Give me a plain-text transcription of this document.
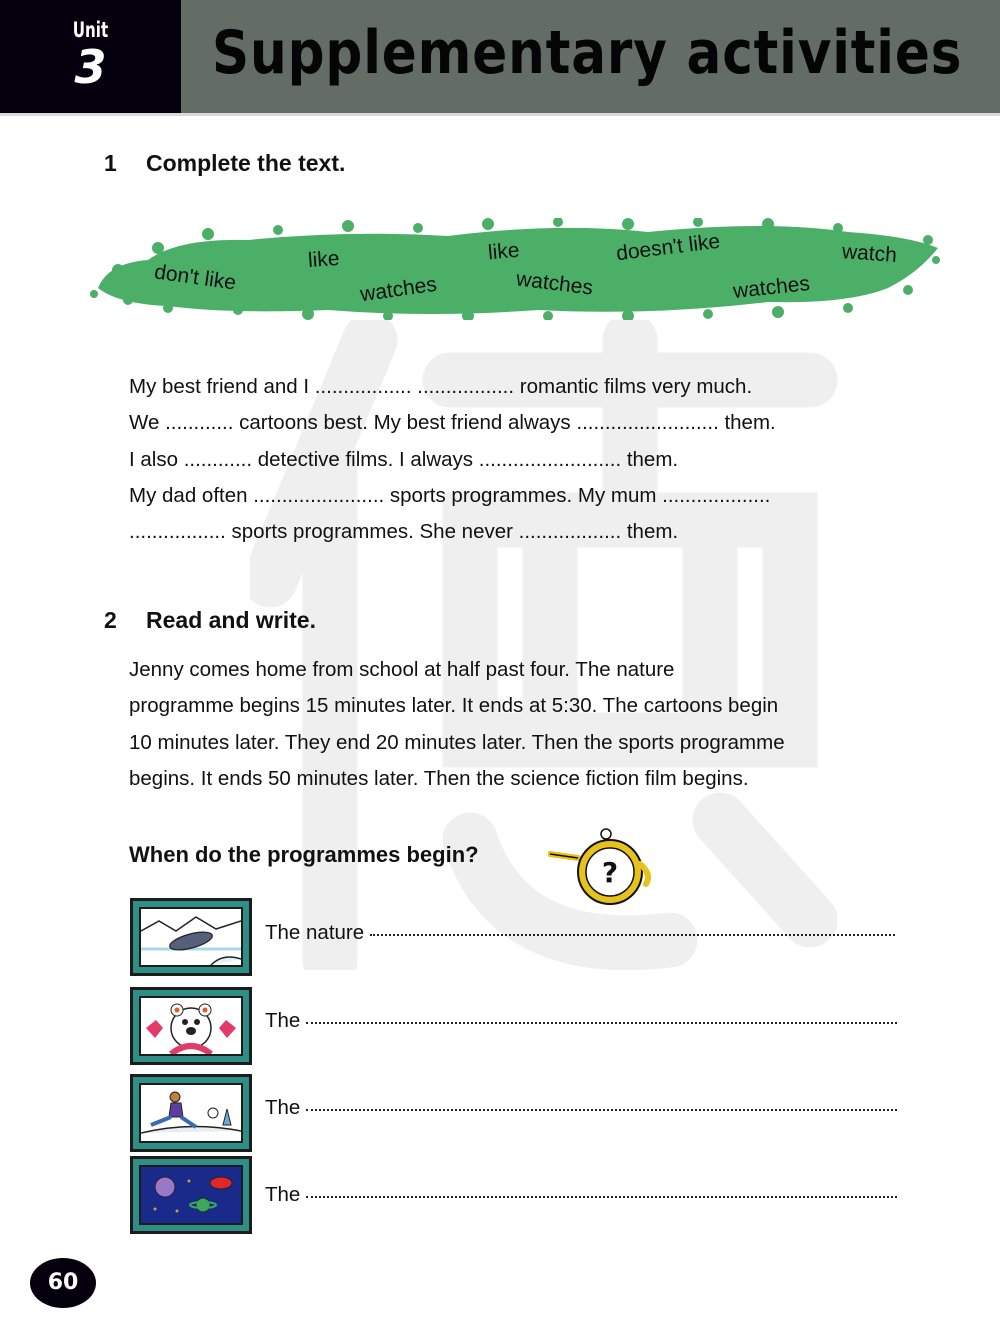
Unit
3	Supplementary activities
1 Complete the text.
don't like
like
watches
like
watches
doesn't like
watches
watch
My best friend and I ................. ................. romantic films very much.
We ............ cartoons best. My best friend always ......................... them.
I also ............ detective films. I always ......................... them.
My dad often ....................... sports programmes. My mum ...................
................. sports programmes. She never .................. them.
2 Read and write.
Jenny comes home from school at half past four. The nature
programme begins 15 minutes later. It ends at 5:30. The cartoons begin
10 minutes later. They end 20 minutes later. Then the sports programme
begins. It ends 50 minutes later. Then the science fiction film begins.
When do the programmes begin?
?
The nature
The
The
The
60
